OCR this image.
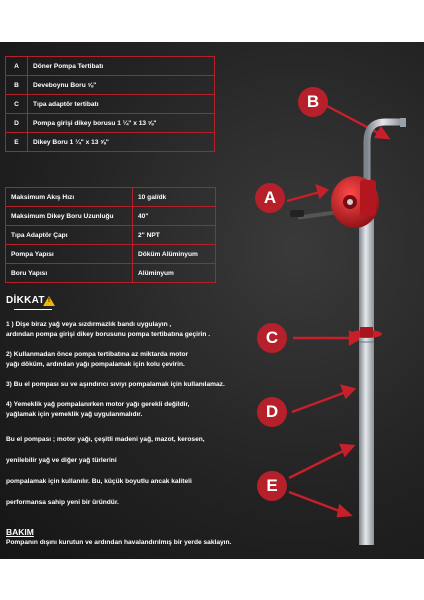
A	Döner Pompa Tertibatı
B	Deveboynu Boru ⅝"
C	Tıpa adaptör tertibatı
D	Pompa girişi dikey borusu 1 ¼" x 13 ⅝"
E	Dikey Boru 1 ¼" x 13 ⅝"
Maksimum Akış Hızı	10 gal/dk
Maksimum Dikey Boru Uzunluğu	40"
Tıpa Adaptör Çapı	2" NPT
Pompa Yapısı	Döküm Alüminyum
Boru Yapısı	Alüminyum
DİKKAT !

1 ) Dişe biraz yağ veya sızdırmazlık bandı uygulayın ,

ardından pompa girişi dikey borusunu pompa tertibatına geçirin .

2) Kullanmadan önce pompa tertibatına az miktarda motor

yağı döküm, ardından yağı pompalamak için kolu çevirin.

3) Bu el pompası su ve aşındırıcı sıvıyı pompalamak için kullanılamaz.

4) Yemeklik yağ pompalanırken motor yağı gerekli değildir,

yağlamak için yemeklik yağ uygulanmalıdır.

Bu el pompası ; motor yağı, çeşitli madeni yağ, mazot, kerosen,

yenilebilir yağ ve diğer yağ türlerini

pompalamak için kullanılır. Bu, küçük boyutlu ancak kaliteli

performansa sahip yeni bir üründür.

BAKIM

Pompanın dışını kurutun ve ardından havalandırılmış bir yerde saklayın.

B
A
C
D
E
